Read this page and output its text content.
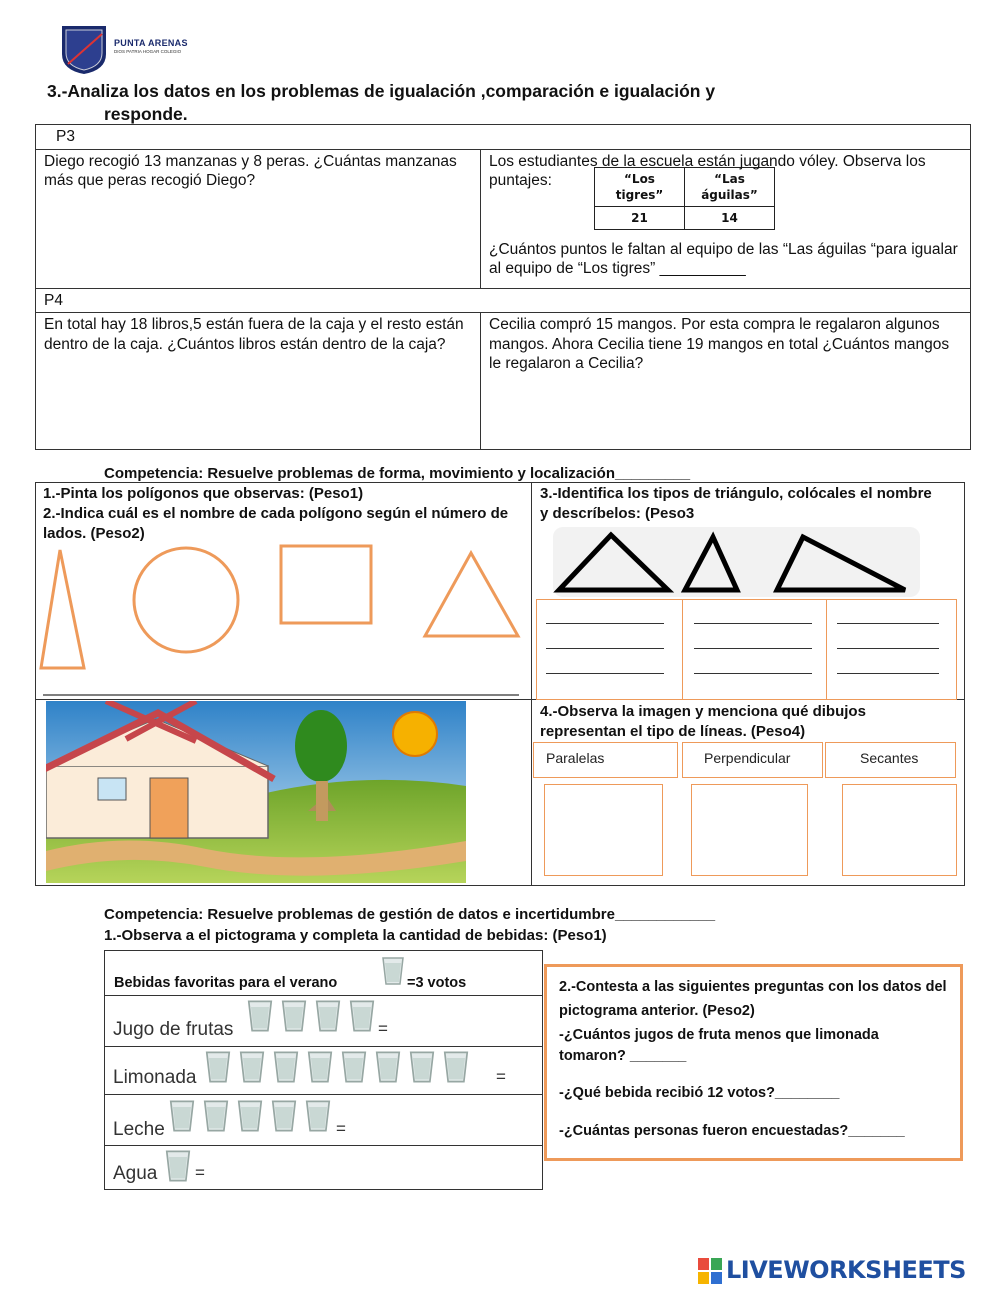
PUNTA ARENAS
DIOS PATRIA HOGAR COLEGIO
3.-Analiza los datos en los problemas de igualación ,comparación e igualación y
responde.
P3
Diego recogió 13 manzanas y 8 peras. ¿Cuántas manzanas más que peras recogió Diego?	
Los estudiantes de la escuela están jugando vóley. Observa los puntajes:	“Los tigres”	“Las águilas”
21	14
¿Cuántos puntos le faltan al equipo de las “Las águilas “para igualar al equipo de “Los tigres” __________

P4
En total hay 18 libros,5 están fuera de la caja y el resto están dentro de la caja. ¿Cuántos libros están dentro de la caja?	Cecilia compró 15 mangos. Por esta compra le regalaron algunos mangos. Ahora Cecilia tiene 19 mangos en total ¿Cuántos mangos le regalaron a Cecilia?
Competencia: Resuelve problemas de forma, movimiento y localización_________
1.-Pinta los polígonos que observas: (Peso1)
2.-Indica cuál es el nombre de cada polígono según el número de lados. (Peso2)
3.-Identifica los tipos de triángulo, colócales el nombre y descríbelos: (Peso3
4.-Observa la imagen y menciona qué dibujos representan el tipo de líneas. (Peso4)
Paralelas	Perpendicular	Secantes
Competencia: Resuelve problemas de gestión de datos e incertidumbre____________
1.-Observa a el pictograma y completa la cantidad de bebidas: (Peso1)
Bebidas favoritas para el verano	=3 votos
Jugo de frutas	=
Limonada	=
Leche	=
Agua =
2.-Contesta a las siguientes preguntas con los datos del pictograma anterior. (Peso2)
-¿Cuántos jugos de fruta menos que limonada tomaron? _______
-¿Qué bebida recibió 12 votos?________
-¿Cuántas personas fueron encuestadas?_______
LIVEWORKSHEETS
